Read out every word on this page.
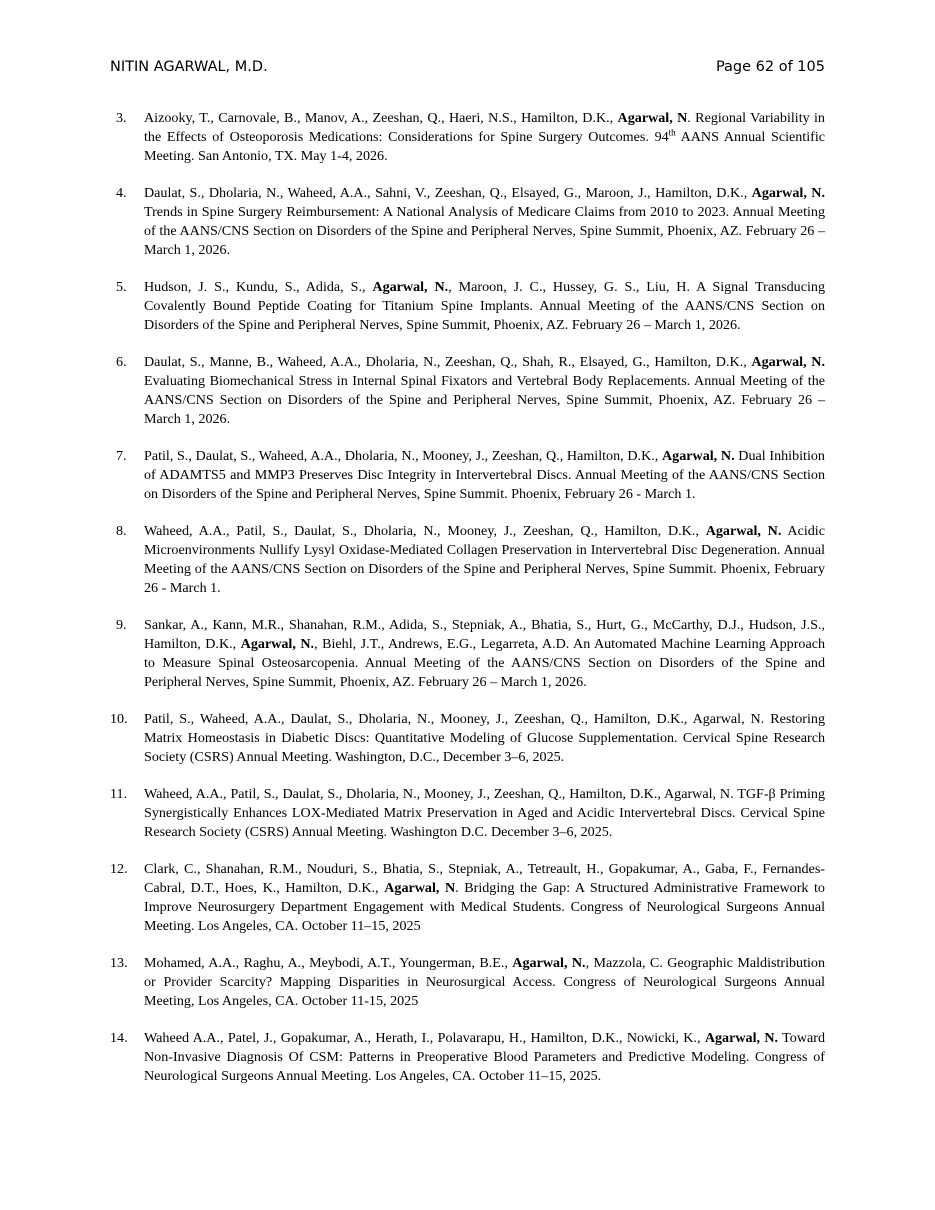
NITIN AGARWAL, M.D.	Page 62 of 105
3. Aizooky, T., Carnovale, B., Manov, A., Zeeshan, Q., Haeri, N.S., Hamilton, D.K., Agarwal, N. Regional Variability in the Effects of Osteoporosis Medications: Considerations for Spine Surgery Outcomes. 94th AANS Annual Scientific Meeting. San Antonio, TX. May 1-4, 2026.
4. Daulat, S., Dholaria, N., Waheed, A.A., Sahni, V., Zeeshan, Q., Elsayed, G., Maroon, J., Hamilton, D.K., Agarwal, N. Trends in Spine Surgery Reimbursement: A National Analysis of Medicare Claims from 2010 to 2023. Annual Meeting of the AANS/CNS Section on Disorders of the Spine and Peripheral Nerves, Spine Summit, Phoenix, AZ. February 26 – March 1, 2026.
5. Hudson, J. S., Kundu, S., Adida, S., Agarwal, N., Maroon, J. C., Hussey, G. S., Liu, H. A Signal Transducing Covalently Bound Peptide Coating for Titanium Spine Implants. Annual Meeting of the AANS/CNS Section on Disorders of the Spine and Peripheral Nerves, Spine Summit, Phoenix, AZ. February 26 – March 1, 2026.
6. Daulat, S., Manne, B., Waheed, A.A., Dholaria, N., Zeeshan, Q., Shah, R., Elsayed, G., Hamilton, D.K., Agarwal, N. Evaluating Biomechanical Stress in Internal Spinal Fixators and Vertebral Body Replacements. Annual Meeting of the AANS/CNS Section on Disorders of the Spine and Peripheral Nerves, Spine Summit, Phoenix, AZ. February 26 – March 1, 2026.
7. Patil, S., Daulat, S., Waheed, A.A., Dholaria, N., Mooney, J., Zeeshan, Q., Hamilton, D.K., Agarwal, N. Dual Inhibition of ADAMTS5 and MMP3 Preserves Disc Integrity in Intervertebral Discs. Annual Meeting of the AANS/CNS Section on Disorders of the Spine and Peripheral Nerves, Spine Summit. Phoenix, February 26 - March 1.
8. Waheed, A.A., Patil, S., Daulat, S., Dholaria, N., Mooney, J., Zeeshan, Q., Hamilton, D.K., Agarwal, N. Acidic Microenvironments Nullify Lysyl Oxidase-Mediated Collagen Preservation in Intervertebral Disc Degeneration. Annual Meeting of the AANS/CNS Section on Disorders of the Spine and Peripheral Nerves, Spine Summit. Phoenix, February 26 - March 1.
9. Sankar, A., Kann, M.R., Shanahan, R.M., Adida, S., Stepniak, A., Bhatia, S., Hurt, G., McCarthy, D.J., Hudson, J.S., Hamilton, D.K., Agarwal, N., Biehl, J.T., Andrews, E.G., Legarreta, A.D. An Automated Machine Learning Approach to Measure Spinal Osteosarcopenia. Annual Meeting of the AANS/CNS Section on Disorders of the Spine and Peripheral Nerves, Spine Summit, Phoenix, AZ. February 26 – March 1, 2026.
10. Patil, S., Waheed, A.A., Daulat, S., Dholaria, N., Mooney, J., Zeeshan, Q., Hamilton, D.K., Agarwal, N. Restoring Matrix Homeostasis in Diabetic Discs: Quantitative Modeling of Glucose Supplementation. Cervical Spine Research Society (CSRS) Annual Meeting. Washington, D.C., December 3–6, 2025.
11. Waheed, A.A., Patil, S., Daulat, S., Dholaria, N., Mooney, J., Zeeshan, Q., Hamilton, D.K., Agarwal, N. TGF-β Priming Synergistically Enhances LOX-Mediated Matrix Preservation in Aged and Acidic Intervertebral Discs. Cervical Spine Research Society (CSRS) Annual Meeting. Washington D.C. December 3–6, 2025.
12. Clark, C., Shanahan, R.M., Nouduri, S., Bhatia, S., Stepniak, A., Tetreault, H., Gopakumar, A., Gaba, F., Fernandes-Cabral, D.T., Hoes, K., Hamilton, D.K., Agarwal, N. Bridging the Gap: A Structured Administrative Framework to Improve Neurosurgery Department Engagement with Medical Students. Congress of Neurological Surgeons Annual Meeting. Los Angeles, CA. October 11–15, 2025
13. Mohamed, A.A., Raghu, A., Meybodi, A.T., Youngerman, B.E., Agarwal, N., Mazzola, C. Geographic Maldistribution or Provider Scarcity? Mapping Disparities in Neurosurgical Access. Congress of Neurological Surgeons Annual Meeting, Los Angeles, CA. October 11-15, 2025
14. Waheed A.A., Patel, J., Gopakumar, A., Herath, I., Polavarapu, H., Hamilton, D.K., Nowicki, K., Agarwal, N. Toward Non-Invasive Diagnosis Of CSM: Patterns in Preoperative Blood Parameters and Predictive Modeling. Congress of Neurological Surgeons Annual Meeting. Los Angeles, CA. October 11–15, 2025.
